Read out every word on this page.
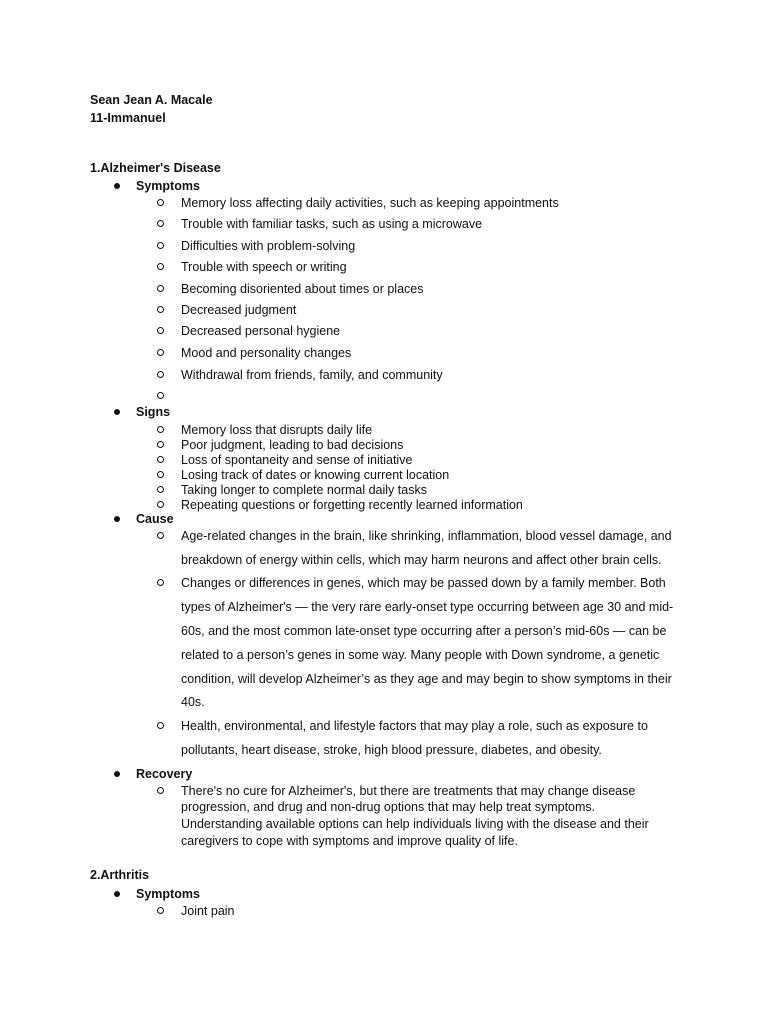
Sean Jean A. Macale
11-Immanuel
1.Alzheimer's Disease
Symptoms
Memory loss affecting daily activities, such as keeping appointments
Trouble with familiar tasks, such as using a microwave
Difficulties with problem-solving
Trouble with speech or writing
Becoming disoriented about times or places
Decreased judgment
Decreased personal hygiene
Mood and personality changes
Withdrawal from friends, family, and community
Signs
Memory loss that disrupts daily life
Poor judgment, leading to bad decisions
Loss of spontaneity and sense of initiative
Losing track of dates or knowing current location
Taking longer to complete normal daily tasks
Repeating questions or forgetting recently learned information
Cause
Age-related changes in the brain, like shrinking, inflammation, blood vessel damage, and
breakdown of energy within cells, which may harm neurons and affect other brain cells.
Changes or differences in genes, which may be passed down by a family member. Both
types of Alzheimer's — the very rare early-onset type occurring between age 30 and mid-
60s, and the most common late-onset type occurring after a person’s mid-60s — can be
related to a person’s genes in some way. Many people with Down syndrome, a genetic
condition, will develop Alzheimer’s as they age and may begin to show symptoms in their
40s.
Health, environmental, and lifestyle factors that may play a role, such as exposure to
pollutants, heart disease, stroke, high blood pressure, diabetes, and obesity.
Recovery
There's no cure for Alzheimer's, but there are treatments that may change disease
progression, and drug and non-drug options that may help treat symptoms.
Understanding available options can help individuals living with the disease and their
caregivers to cope with symptoms and improve quality of life.
2.Arthritis
Symptoms
Joint pain
